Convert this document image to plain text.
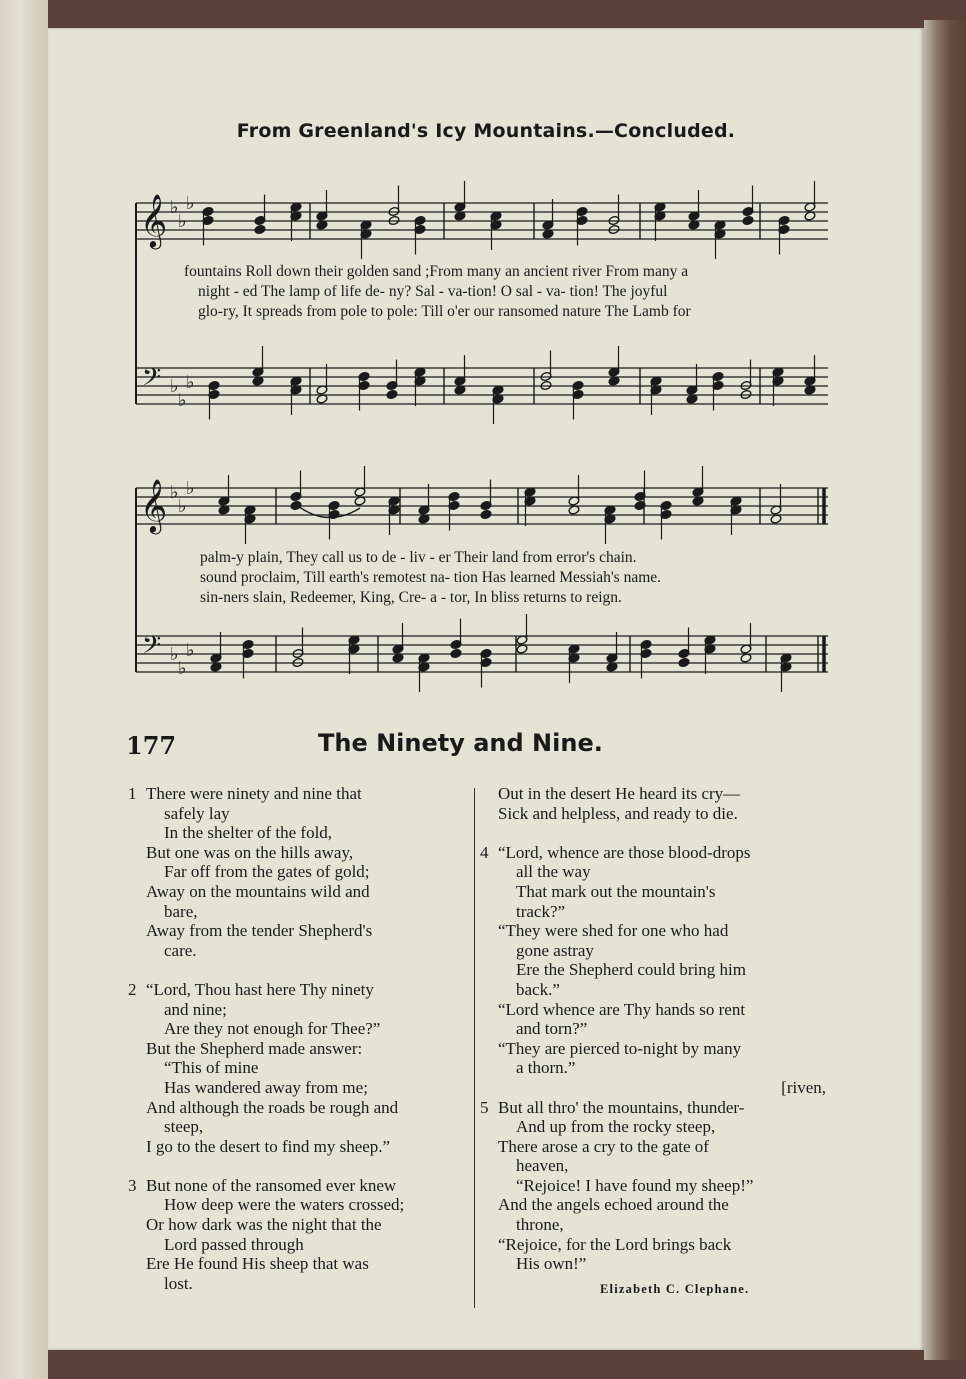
From Greenland's Icy Mountains.—Concluded.
𝄞 ♭
♭
♭
𝄢 ♭
♭
♭
𝄞 ♭
♭
♭
𝄢 ♭
♭
♭
fountains Roll down their golden sand ;From many an ancient river From many a
night - ed The lamp of life de- ny? Sal - va-tion! O sal - va- tion! The joyful
glo-ry, It spreads from pole to pole: Till o'er our ransomed nature The Lamb for
palm-y plain, They call us to de - liv - er Their land from error's chain.
sound proclaim, Till earth's remotest na- tion Has learned Messiah's name.
sin-ners slain, Redeemer, King, Cre- a - tor, In bliss returns to reign.
177	The Ninety and Nine.
1 There were ninety and nine that
safely lay
In the shelter of the fold,
But one was on the hills away,
Far off from the gates of gold;
Away on the mountains wild and
bare,
Away from the tender Shepherd's
care.
2 “Lord, Thou hast here Thy ninety
and nine;
Are they not enough for Thee?”
But the Shepherd made answer:
“This of mine
Has wandered away from me;
And although the roads be rough and
steep,
I go to the desert to find my sheep.”
3 But none of the ransomed ever knew
How deep were the waters crossed;
Or how dark was the night that the
Lord passed through
Ere He found His sheep that was
lost.
Out in the desert He heard its cry—
Sick and helpless, and ready to die.
4 “Lord, whence are those blood-drops
all the way
That mark out the mountain's
track?”
“They were shed for one who had
gone astray
Ere the Shepherd could bring him
back.”
“Lord whence are Thy hands so rent
and torn?”
“They are pierced to-night by many
a thorn.”
[riven,
5 But all thro' the mountains, thunder-
And up from the rocky steep,
There arose a cry to the gate of
heaven,
“Rejoice! I have found my sheep!”
And the angels echoed around the
throne,
“Rejoice, for the Lord brings back
His own!”
Elizabeth C. Clephane.
